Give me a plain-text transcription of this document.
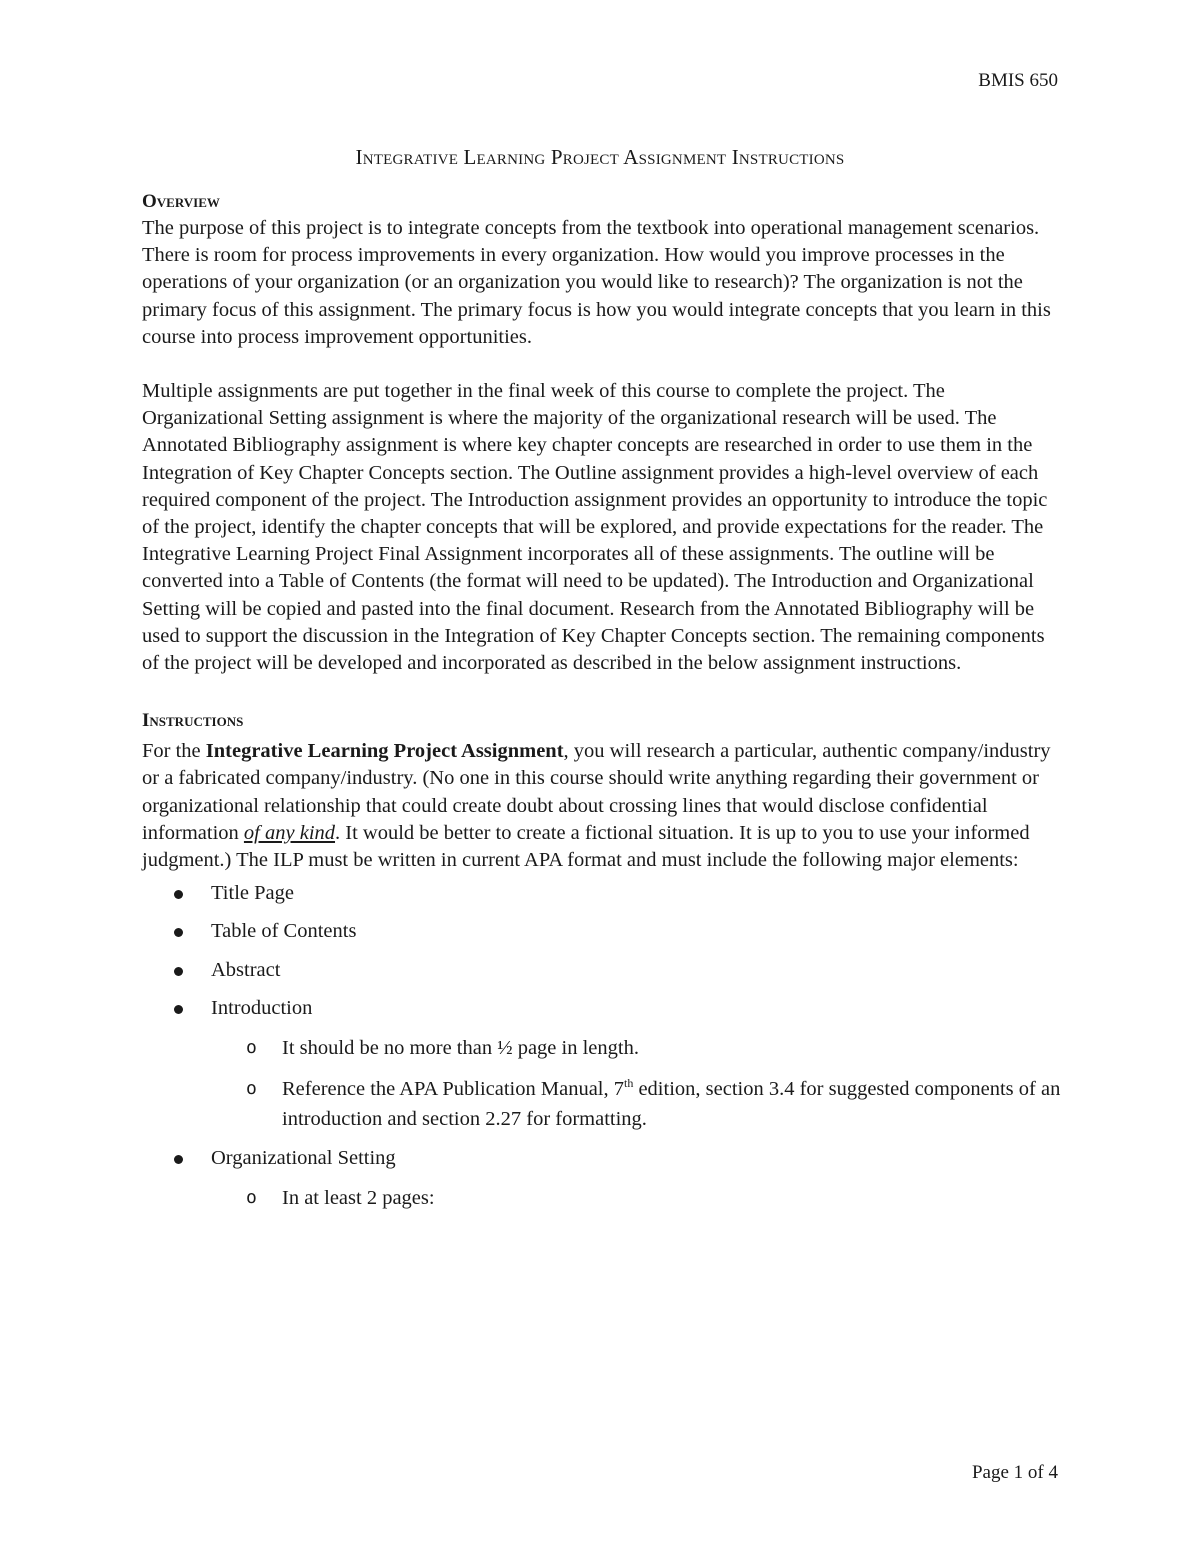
BMIS 650
Integrative Learning Project Assignment Instructions
Overview

The purpose of this project is to integrate concepts from the textbook into operational management scenarios. There is room for process improvements in every organization. How would you improve processes in the operations of your organization (or an organization you would like to research)? The organization is not the primary focus of this assignment. The primary focus is how you would integrate concepts that you learn in this course into process improvement opportunities.

Multiple assignments are put together in the final week of this course to complete the project. The Organizational Setting assignment is where the majority of the organizational research will be used. The Annotated Bibliography assignment is where key chapter concepts are researched in order to use them in the Integration of Key Chapter Concepts section. The Outline assignment provides a high-level overview of each required component of the project. The Introduction assignment provides an opportunity to introduce the topic of the project, identify the chapter concepts that will be explored, and provide expectations for the reader. The Integrative Learning Project Final Assignment incorporates all of these assignments. The outline will be converted into a Table of Contents (the format will need to be updated). The Introduction and Organizational Setting will be copied and pasted into the final document. Research from the Annotated Bibliography will be used to support the discussion in the Integration of Key Chapter Concepts section. The remaining components of the project will be developed and incorporated as described in the below assignment instructions.

Instructions

For the Integrative Learning Project Assignment, you will research a particular, authentic company/industry or a fabricated company/industry. (No one in this course should write anything regarding their government or organizational relationship that could create doubt about crossing lines that would disclose confidential information of any kind. It would be better to create a fictional situation. It is up to you to use your informed judgment.) The ILP must be written in current APA format and must include the following major elements:

Title Page
Table of Contents
Abstract
Introduction
o It should be no more than ½ page in length.
o Reference the APA Publication Manual, 7th edition, section 3.4 for suggested components of an introduction and section 2.27 for formatting.
Organizational Setting
o In at least 2 pages:
Page 1 of 4
